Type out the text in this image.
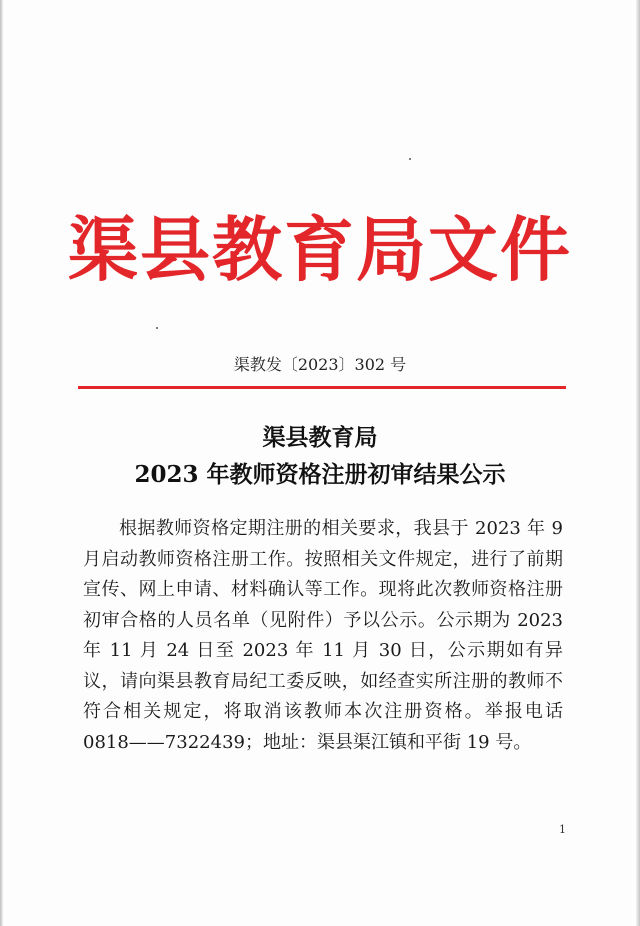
渠县教育局文件
渠教发〔2023〕302 号
渠县教育局
2023 年教师资格注册初审结果公示

根据教师资格定期注册的相关要求，我县于 2023 年 9 月启动教师资格注册工作。按照相关文件规定，进行了前期宣传、网上申请、材料确认等工作。现将此次教师资格注册初审合格的人员名单（见附件）予以公示。公示期为 2023 年 11 月 24 日至 2023 年 11 月 30 日，公示期如有异议，请向渠县教育局纪工委反映，如经查实所注册的教师不符合相关规定，将取消该教师本次注册资格。举报电话 0818——7322439；地址：渠县渠江镇和平街 19 号。

1
